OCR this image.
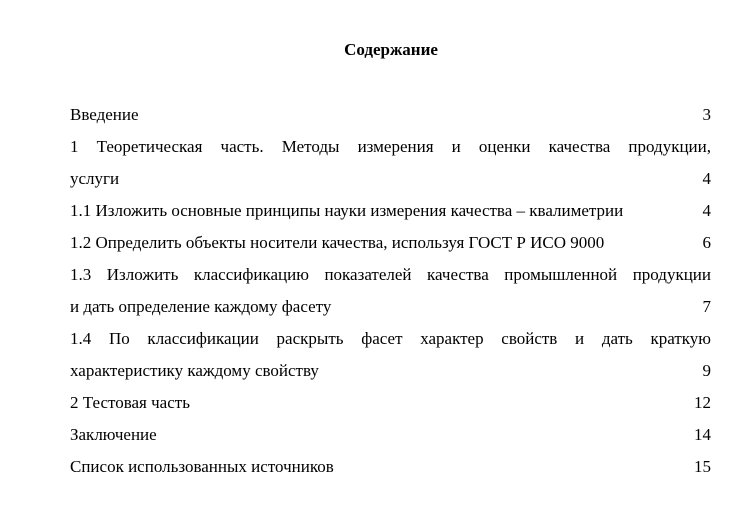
Содержание
Введение	3
1 Теоретическая часть. Методы измерения и оценки качества продукции,
услуги	4
1.1 Изложить основные принципы науки измерения качества – квалиметрии	4
1.2 Определить объекты носители качества, используя ГОСТ Р ИСО 9000	6
1.3 Изложить классификацию показателей качества промышленной продукции
и дать определение каждому фасету	7
1.4 По классификации раскрыть фасет характер свойств и дать краткую
характеристику каждому свойству	9
2 Тестовая часть	12
Заключение	14
Список использованных источников	15
